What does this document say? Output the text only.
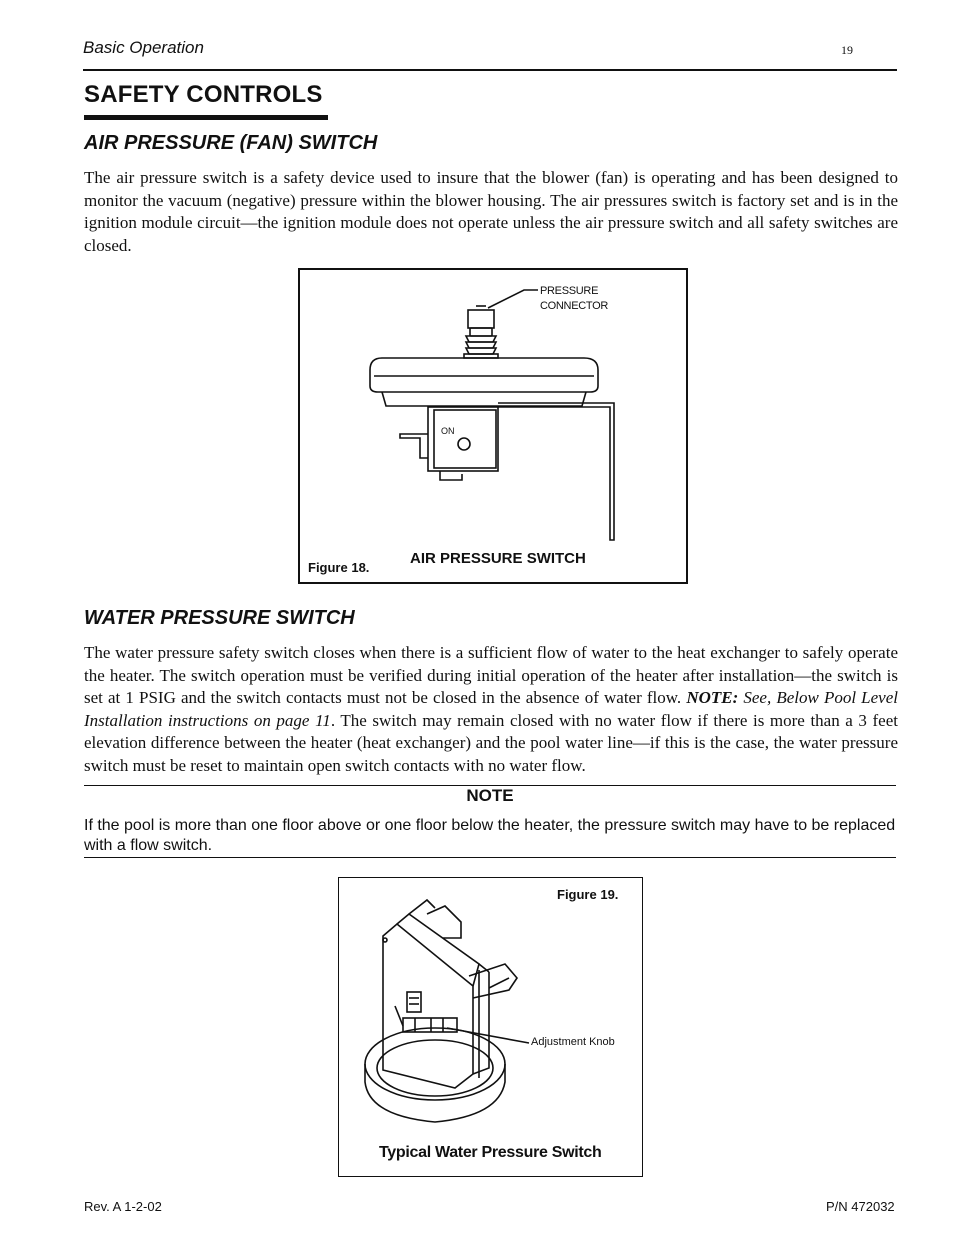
Basic Operation	19
SAFETY CONTROLS
AIR PRESSURE (FAN) SWITCH
The air pressure switch is a safety device used to insure that the blower (fan) is operating and has been designed to monitor the vacuum (negative) pressure within the blower housing. The air pressures switch is factory set and is in the ignition module circuit—the ignition module does not operate unless the air pressure switch and all safety switches are closed.
PRESSURE
CONNECTOR
ON
Figure 18.
AIR PRESSURE SWITCH
WATER PRESSURE SWITCH
The water pressure safety switch closes when there is a sufficient flow of water to the heat exchanger to safely operate the heater. The switch operation must be verified during initial operation of the heater after installation—the switch is set at 1 PSIG and the switch contacts must not be closed in the absence of water flow. NOTE: See, Below Pool Level Installation instructions on page 11. The switch may remain closed with no water flow if there is more than a 3 feet elevation difference between the heater (heat exchanger) and the pool water line—if this is the case, the water pressure switch must be reset to maintain open switch contacts with no water flow.
NOTE
If the pool is more than one floor above or one floor below the heater, the pressure switch may have to be replaced with a flow switch.
Figure 19.
Adjustment Knob
Typical Water Pressure Switch
Rev. A 1-2-02	P/N 472032
